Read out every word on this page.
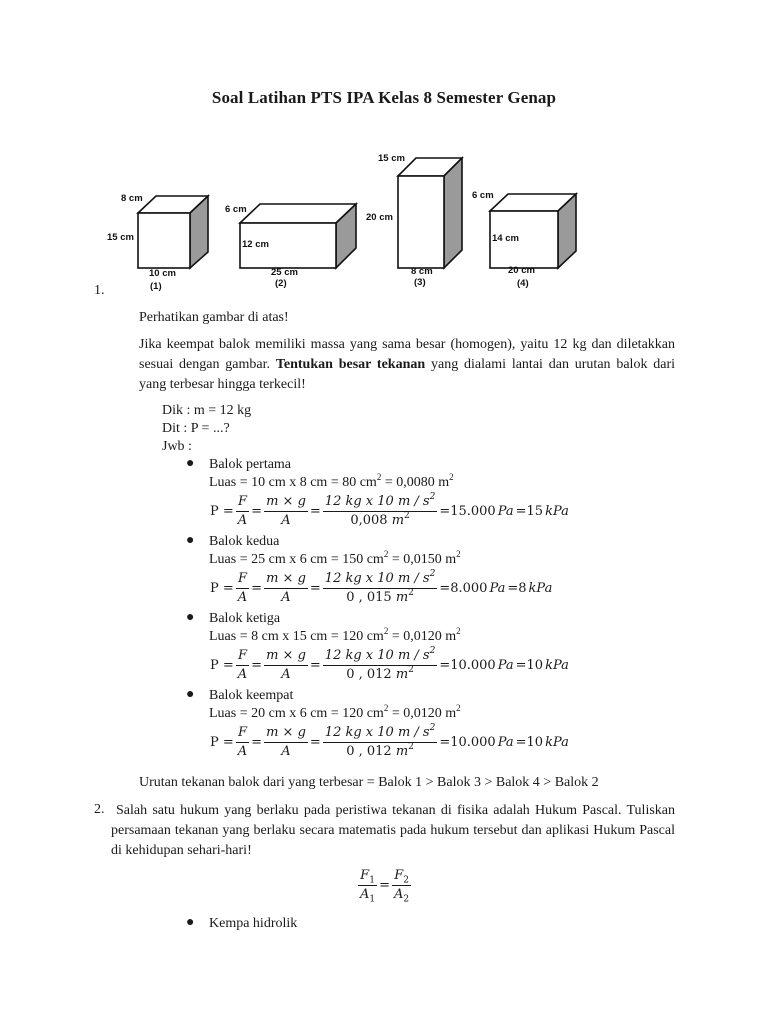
Soal Latihan PTS IPA Kelas 8 Semester Genap
8 cm
15 cm
10 cm
(1)
6 cm
12 cm
25 cm
(2)
15 cm
20 cm
8 cm
(3)
6 cm
14 cm
20 cm
(4)
1.
Perhatikan gambar di atas!
Jika keempat balok memiliki massa yang sama besar (homogen), yaitu 12 kg dan diletakkan sesuai dengan gambar. Tentukan besar tekanan yang dialami lantai dan urutan balok dari yang terbesar hingga terkecil!
Dik : m = 12 kg
Dit : P = ...?
Jwb :
● Balok pertama
Luas = 10 cm x 8 cm = 80 $cm^2 = 0,0080$ $m^2$
$P = \frac{F}{A} = \frac{m \times g}{A} = \frac{12 kg x 10 m / s^2}{0,008 m^2} =15.000$ Pa =15 kPa
● Balok kedua
Luas = 25 cm x 6 cm = 150 $cm^2 = 0,0150$ $m^2$
$P = \frac{F}{A} = \frac{m \times g}{A} = \frac{12 kg x 10 m / s^2}{0 , 015 m^2} =8.000$ Pa =8 kPa
● Balok ketiga
Luas = 8 cm x 15 cm = 120 $cm^2 = 0,0120$ $m^2$
$P = \frac{F}{A} = \frac{m \times g}{A} = \frac{12 kg x 10 m / s^2}{0 , 012 m^2} =10.000$ Pa =10 kPa
● Balok keempat
Luas = 20 cm x 6 cm = 120 $cm^2 = 0,0120$ $m^2$
$P = \frac{F}{A} = \frac{m \times g}{A} = \frac{12 kg x 10 m / s^2}{0 , 012 m^2} =10.000$ Pa =10 kPa
Urutan tekanan balok dari yang terbesar = Balok 1 > Balok 3 > Balok 4 > Balok 2
2. Salah satu hukum yang berlaku pada peristiwa tekanan di fisika adalah Hukum Pascal. Tuliskan persamaan tekanan yang berlaku secara matematis pada hukum tersebut dan aplikasi Hukum Pascal di kehidupan sehari-hari!
$\frac{F_1}{A_1} = \frac{F_2}{A_2}$
● Kempa hidrolik
